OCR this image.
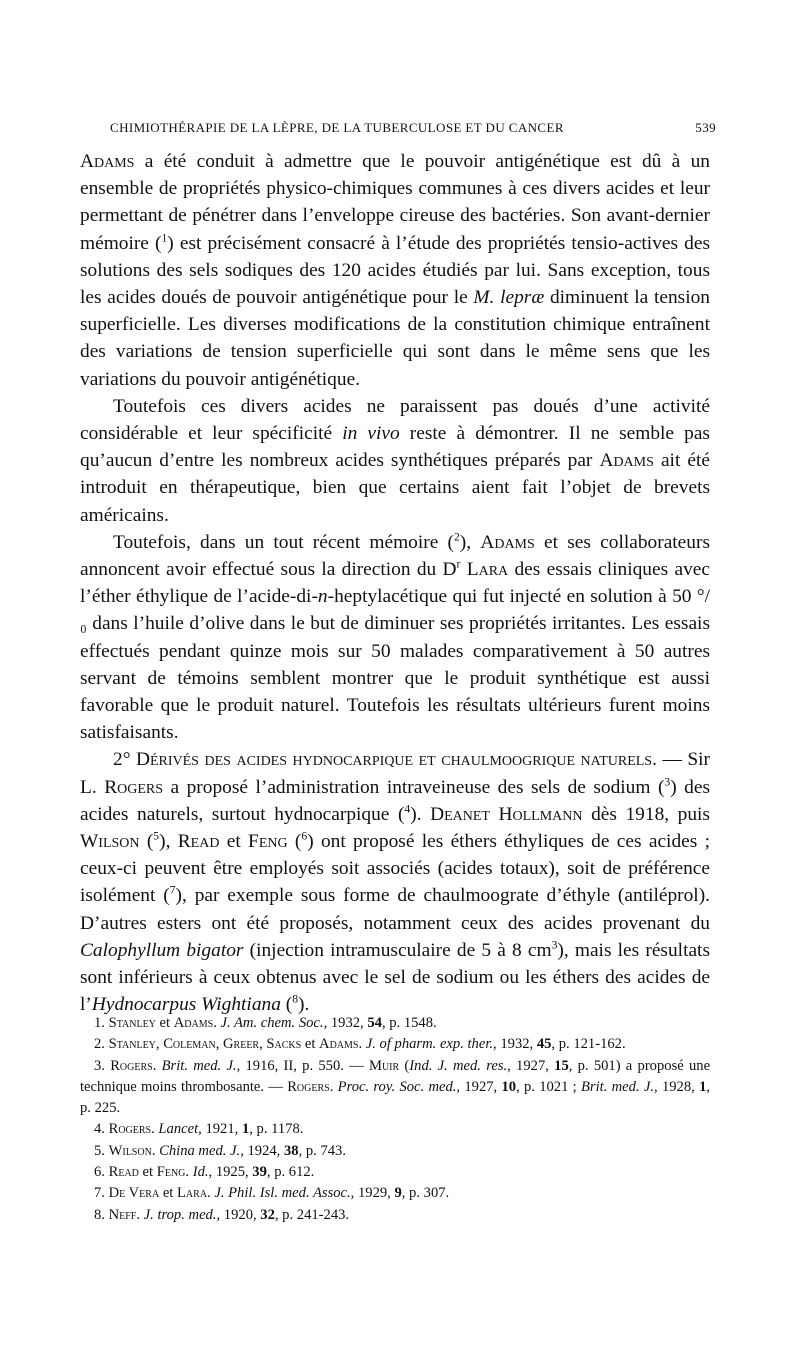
CHIMIOTHÉRAPIE DE LA LÈPRE, DE LA TUBERCULOSE ET DU CANCER	539

Adams a été conduit à admettre que le pouvoir antigénétique est dû à un ensemble de propriétés physico-chimiques communes à ces divers acides et leur permettant de pénétrer dans l’enveloppe cireuse des bactéries. Son avant-dernier mémoire ($^1$) est précisément consacré à l’étude des propriétés tensio-actives des solutions des sels sodiques des 120 acides étudiés par lui. Sans exception, tous les acides doués de pouvoir antigénétique pour le M. lepræ diminuent la tension superficielle. Les diverses modifications de la constitution chimique entraînent des variations de tension superficielle qui sont dans le même sens que les variations du pouvoir antigénétique.

Toutefois ces divers acides ne paraissent pas doués d’une activité considérable et leur spécificité in vivo reste à démontrer. Il ne semble pas qu’aucun d’entre les nombreux acides synthétiques préparés par Adams ait été introduit en thérapeutique, bien que certains aient fait l’objet de brevets américains.

Toutefois, dans un tout récent mémoire ($^2$), Adams et ses collaborateurs annoncent avoir effectué sous la direction du $D^r$ Lara des essais cliniques avec l’éther éthylique de l’acide-di-n-heptylacétique qui fut injecté en solution à 50 °/₀ dans l’huile d’olive dans le but de diminuer ses propriétés irritantes. Les essais effectués pendant quinze mois sur 50 malades comparativement à 50 autres servant de témoins semblent montrer que le produit synthétique est aussi favorable que le produit naturel. Toutefois les résultats ultérieurs furent moins satisfaisants.

2° Dérivés des acides hydnocarpique et chaulmoogrique naturels. — Sir L. Rogers a proposé l’administration intraveineuse des sels de sodium ($^3$) des acides naturels, surtout hydnocarpique ($^4$). Deanet Hollmann dès 1918, puis Wilson ($^5$), Read et Feng ($^6$) ont proposé les éthers éthyliques de ces acides ; ceux-ci peuvent être employés soit associés (acides totaux), soit de préférence isolément ($^7$), par exemple sous forme de chaulmoograte d’éthyle (antiléprol). D’autres esters ont été proposés, notamment ceux des acides provenant du Calophyllum bigator (injection intramusculaire de 5 à 8 $cm^3$), mais les résultats sont inférieurs à ceux obtenus avec le sel de sodium ou les éthers des acides de l’Hydnocarpus Wightiana ($^8$).

1. Stanley et Adams. J. Am. chem. Soc., 1932, 54, p. 1548.

2. Stanley, Coleman, Greer, Sacks et Adams. J. of pharm. exp. ther., 1932, 45, p. 121-162.

3. Rogers. Brit. med. J., 1916, II, p. 550. — Muir (Ind. J. med. res., 1927, 15, p. 501) a proposé une technique moins thrombosante. — Rogers. Proc. roy. Soc. med., 1927, 10, p. 1021 ; Brit. med. J., 1928, 1, p. 225.

4. Rogers. Lancet, 1921, 1, p. 1178.

5. Wilson. China med. J., 1924, 38, p. 743.

6. Read et Feng. Id., 1925, 39, p. 612.

7. De Vera et Lara. J. Phil. Isl. med. Assoc., 1929, 9, p. 307.

8. Neff. J. trop. med., 1920, 32, p. 241-243.
